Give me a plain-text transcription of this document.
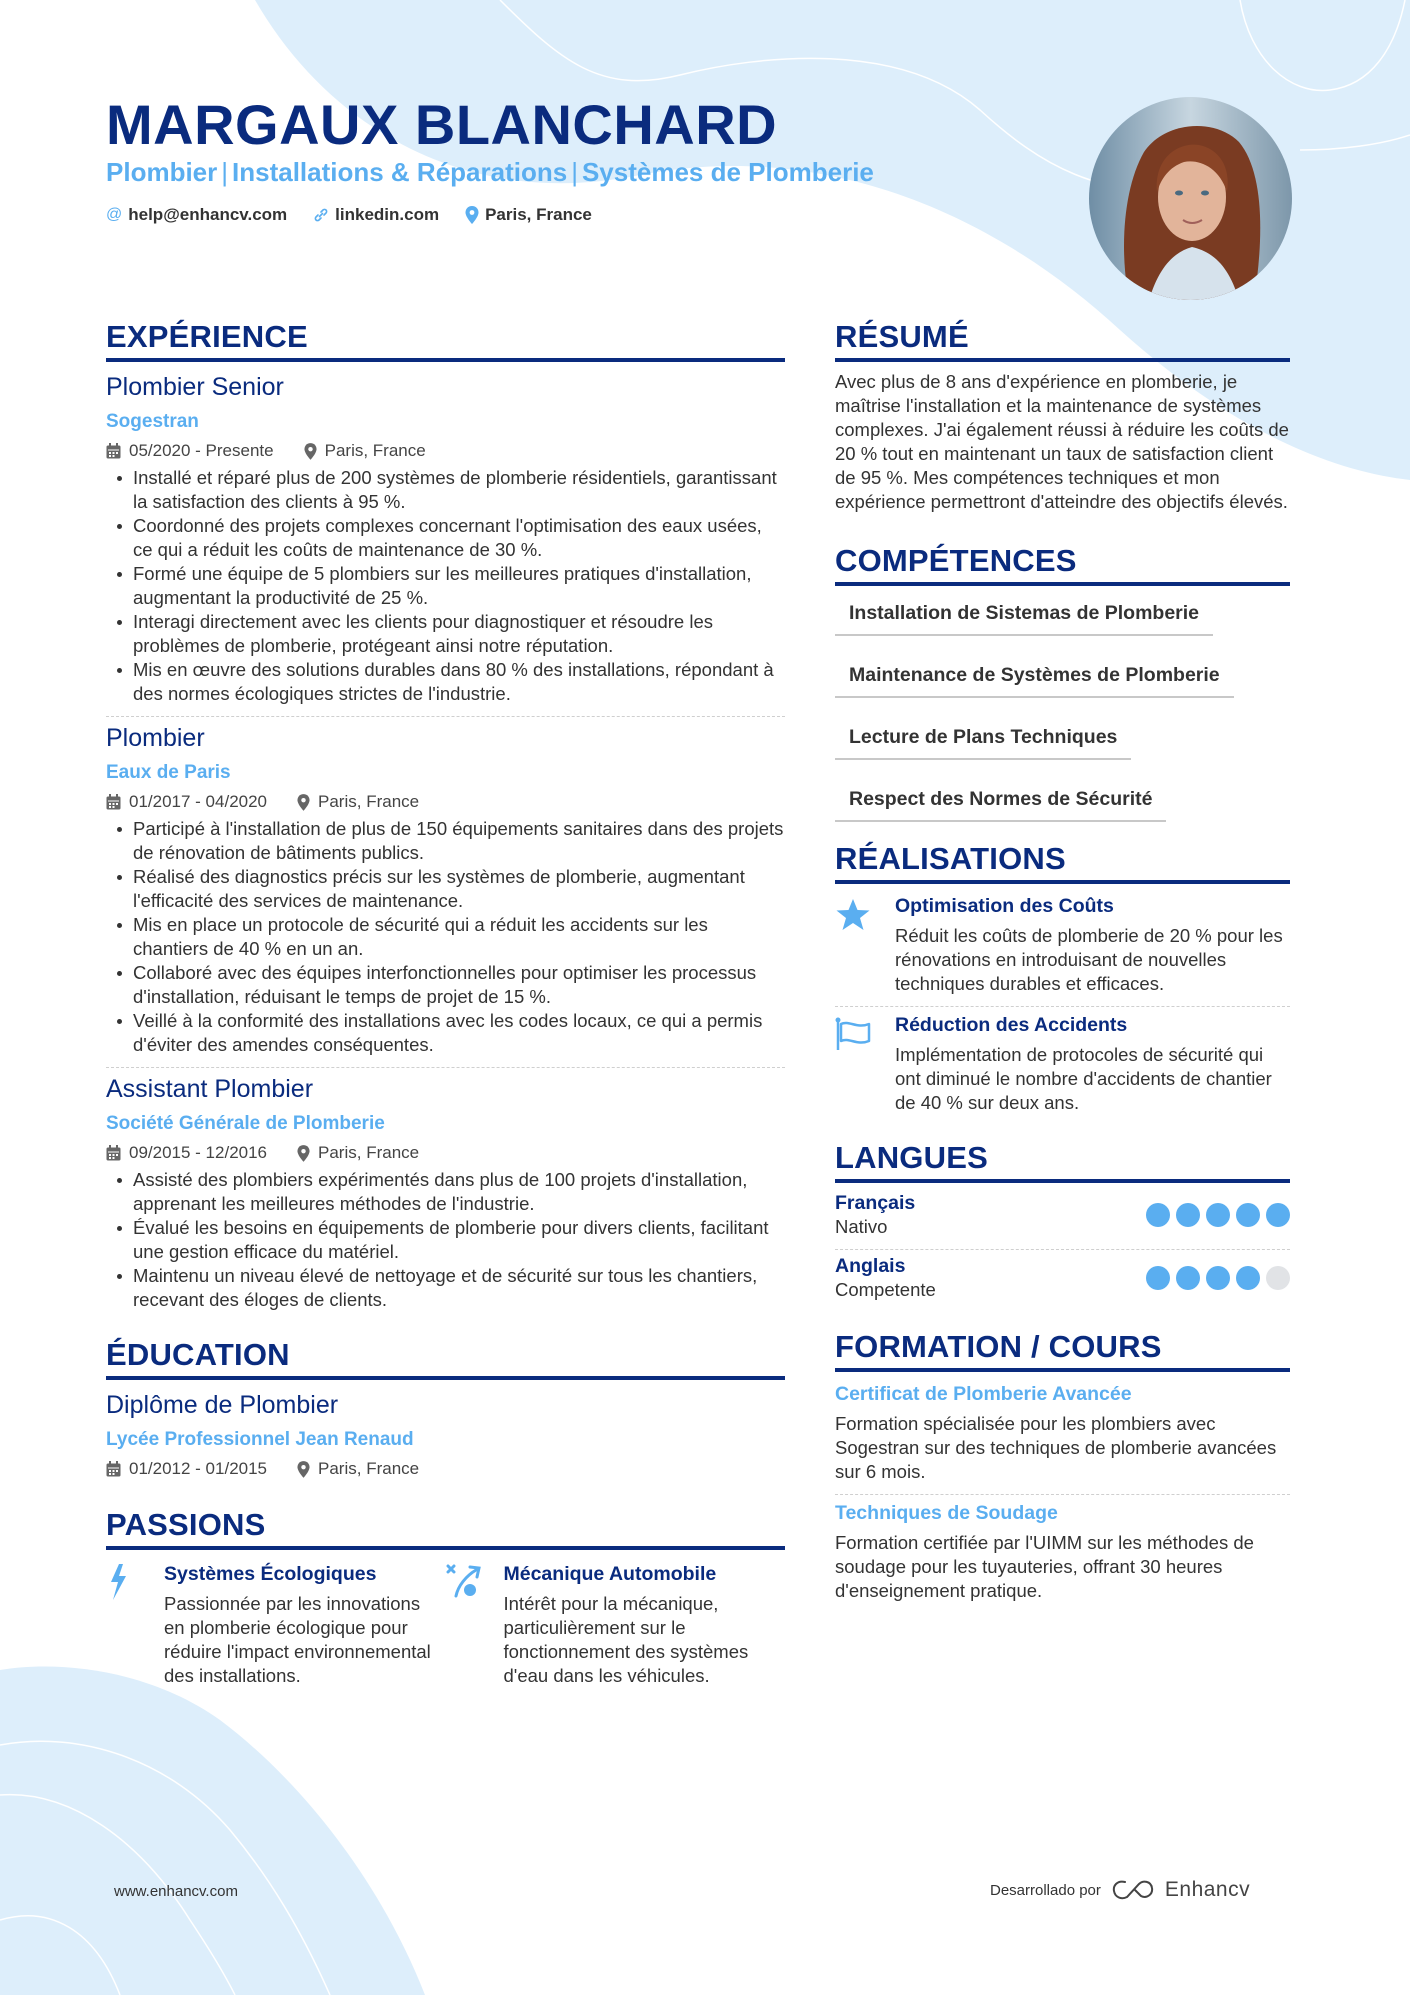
MARGAUX BLANCHARD
Plombier | Installations & Réparations | Systèmes de Plomberie
@ help@enhancv.com	linkedin.com	Paris, France
EXPÉRIENCE
Plombier Senior
Sogestran
05/2020 - Presente	Paris, France
Installé et réparé plus de 200 systèmes de plomberie résidentiels, garantissant la satisfaction des clients à 95 %.
Coordonné des projets complexes concernant l'optimisation des eaux usées, ce qui a réduit les coûts de maintenance de 30 %.
Formé une équipe de 5 plombiers sur les meilleures pratiques d'installation, augmentant la productivité de 25 %.
Interagi directement avec les clients pour diagnostiquer et résoudre les problèmes de plomberie, protégeant ainsi notre réputation.
Mis en œuvre des solutions durables dans 80 % des installations, répondant à des normes écologiques strictes de l'industrie.
Plombier
Eaux de Paris
01/2017 - 04/2020	Paris, France
Participé à l'installation de plus de 150 équipements sanitaires dans des projets de rénovation de bâtiments publics.
Réalisé des diagnostics précis sur les systèmes de plomberie, augmentant l'efficacité des services de maintenance.
Mis en place un protocole de sécurité qui a réduit les accidents sur les chantiers de 40 % en un an.
Collaboré avec des équipes interfonctionnelles pour optimiser les processus d'installation, réduisant le temps de projet de 15 %.
Veillé à la conformité des installations avec les codes locaux, ce qui a permis d'éviter des amendes conséquentes.
Assistant Plombier
Société Générale de Plomberie
09/2015 - 12/2016	Paris, France
Assisté des plombiers expérimentés dans plus de 100 projets d'installation, apprenant les meilleures méthodes de l'industrie.
Évalué les besoins en équipements de plomberie pour divers clients, facilitant une gestion efficace du matériel.
Maintenu un niveau élevé de nettoyage et de sécurité sur tous les chantiers, recevant des éloges de clients.
ÉDUCATION
Diplôme de Plombier
Lycée Professionnel Jean Renaud
01/2012 - 01/2015	Paris, France
PASSIONS
Systèmes Écologiques
Passionnée par les innovations en plomberie écologique pour réduire l'impact environnemental des installations.
Mécanique Automobile
Intérêt pour la mécanique, particulièrement sur le fonctionnement des systèmes d'eau dans les véhicules.
RÉSUMÉ

Avec plus de 8 ans d'expérience en plomberie, je maîtrise l'installation et la maintenance de systèmes complexes. J'ai également réussi à réduire les coûts de 20 % tout en maintenant un taux de satisfaction client de 95 %. Mes compétences techniques et mon expérience permettront d'atteindre des objectifs élevés.

COMPÉTENCES
Installation de Sistemas de Plomberie
Maintenance de Systèmes de Plomberie
Lecture de Plans Techniques
Respect des Normes de Sécurité
RÉALISATIONS
Optimisation des Coûts
Réduit les coûts de plomberie de 20 % pour les rénovations en introduisant de nouvelles techniques durables et efficaces.
Réduction des Accidents
Implémentation de protocoles de sécurité qui ont diminué le nombre d'accidents de chantier de 40 % sur deux ans.
LANGUES
Français
Nativo
Anglais
Competente
FORMATION / COURS
Certificat de Plomberie Avancée
Formation spécialisée pour les plombiers avec Sogestran sur des techniques de plomberie avancées sur 6 mois.
Techniques de Soudage
Formation certifiée par l'UIMM sur les méthodes de soudage pour les tuyauteries, offrant 30 heures d'enseignement pratique.
www.enhancv.com	Desarrollado por	Enhancv
